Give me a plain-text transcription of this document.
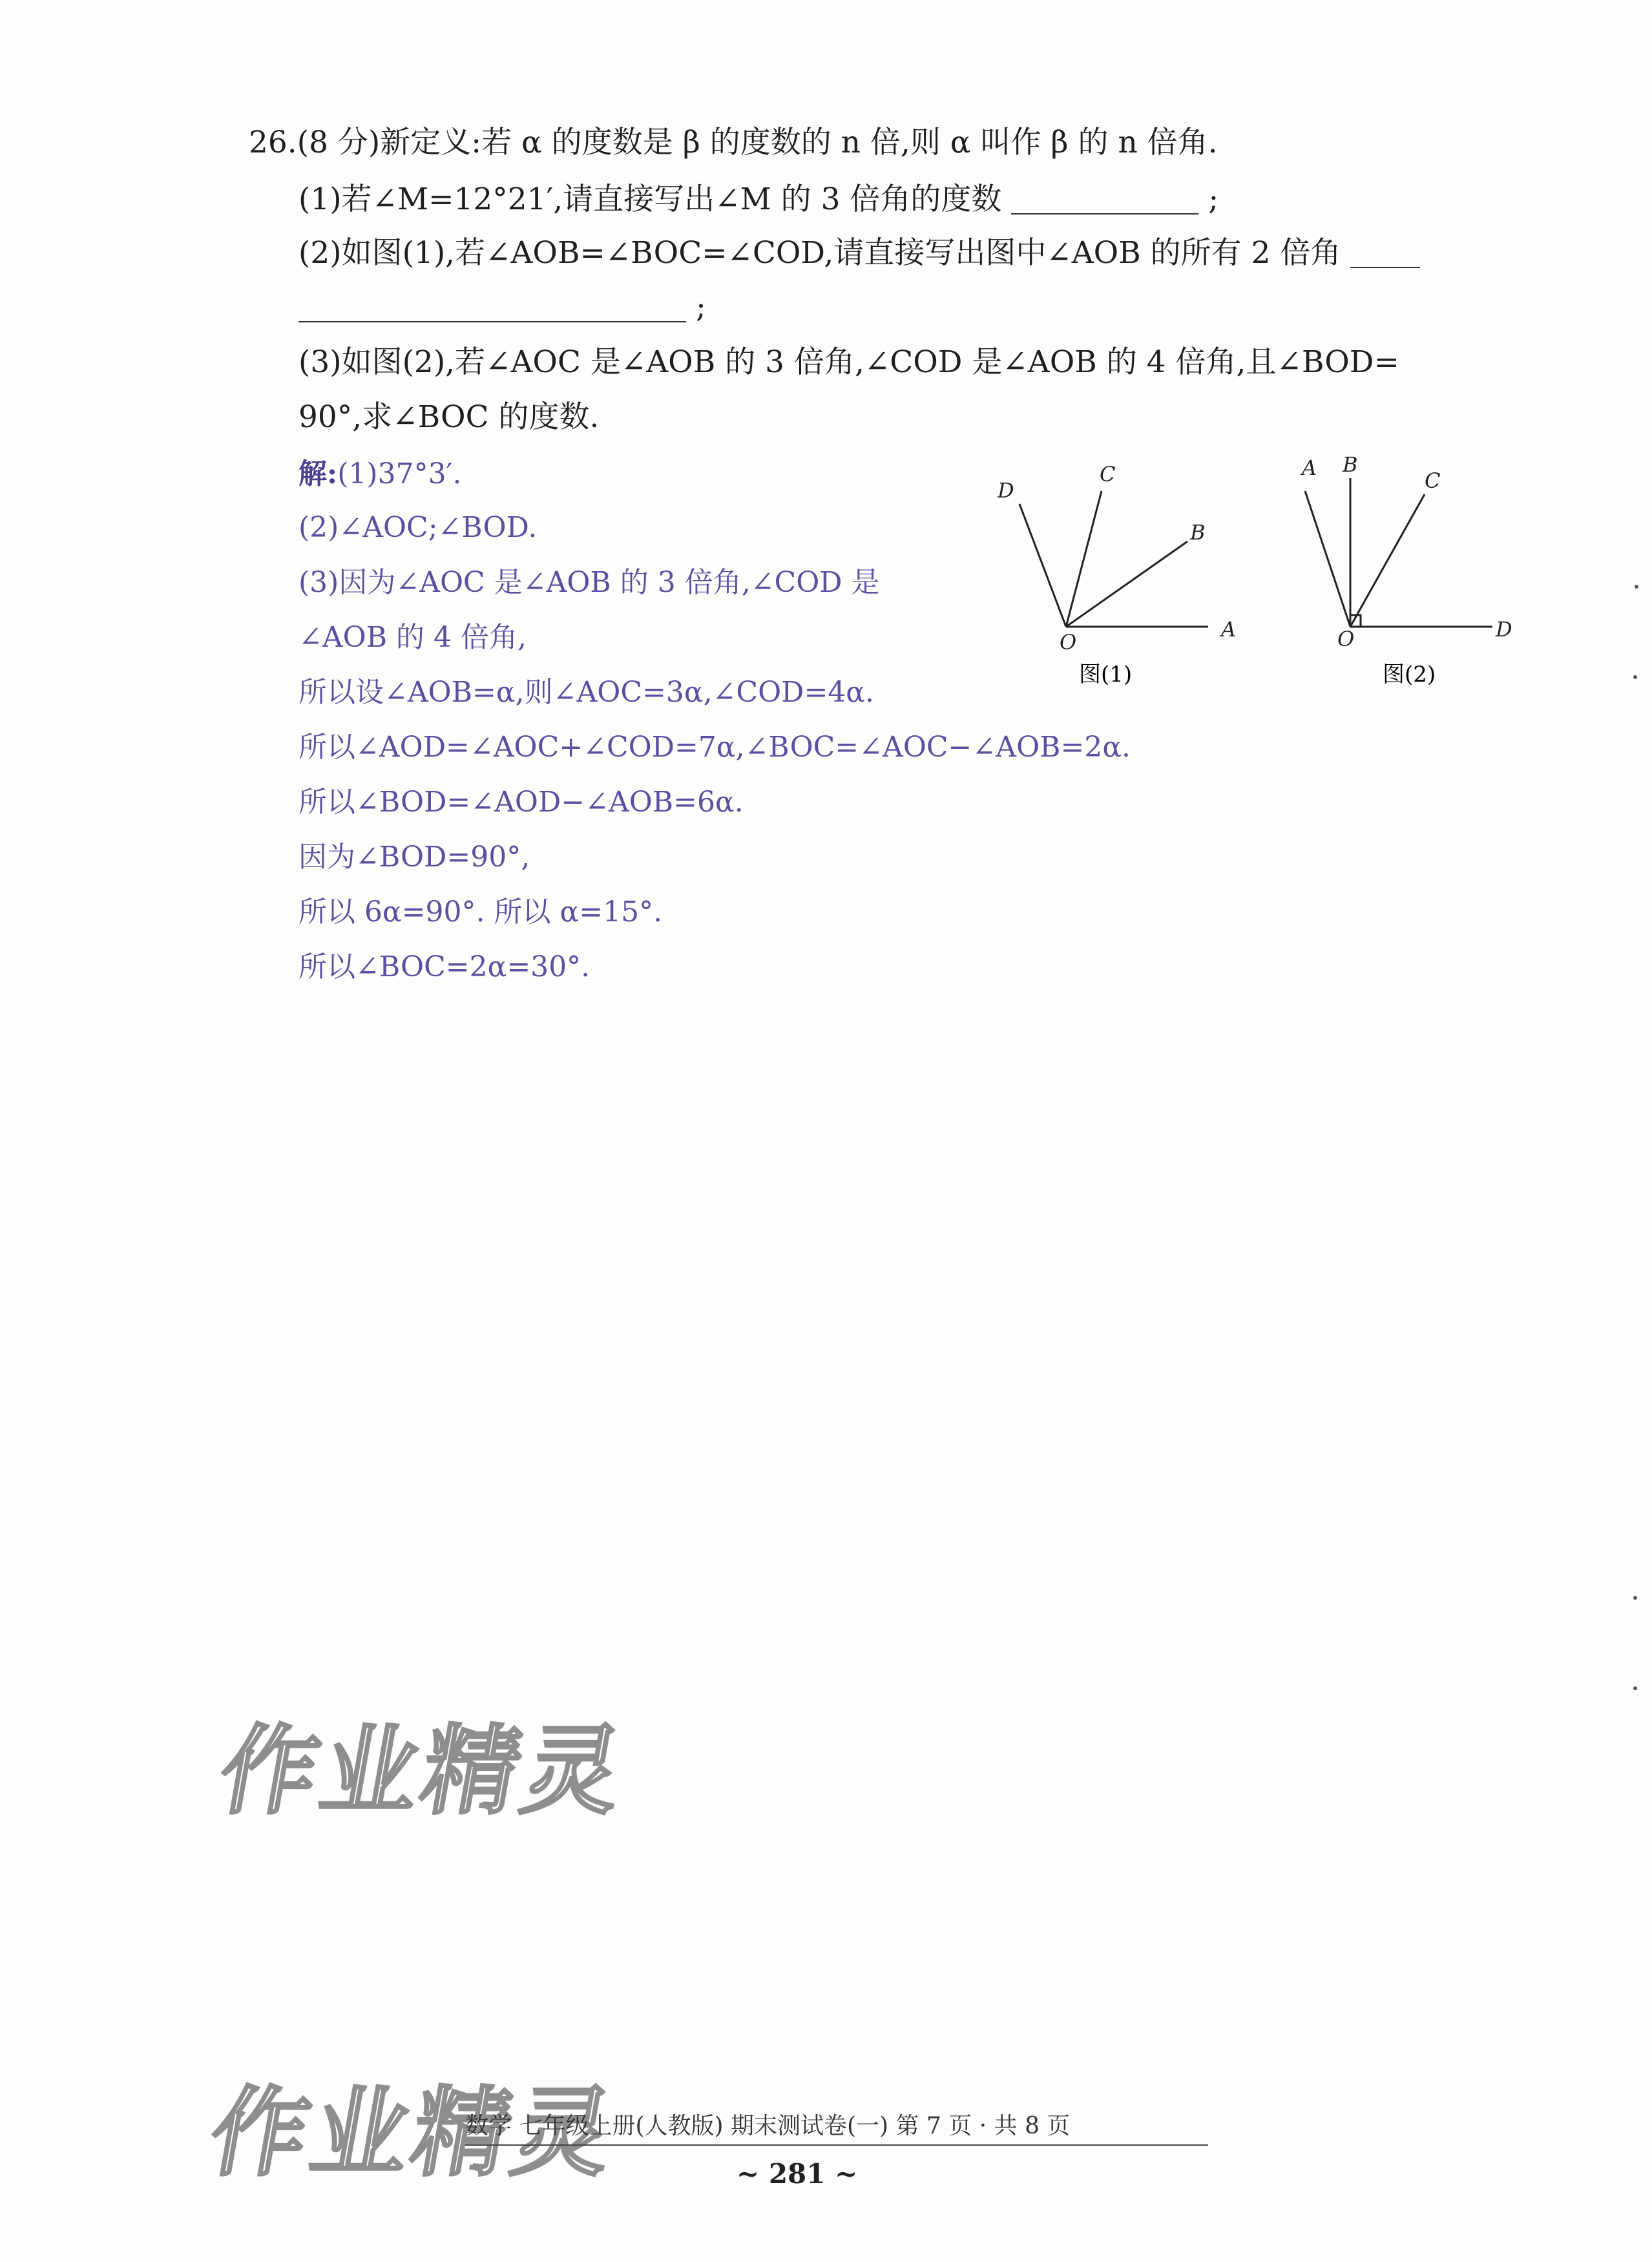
26.(8 分)新定义:若 α 的度数是 β 的度数的 n 倍,则 α 叫作 β 的 n 倍角.
(1)若∠M=12°21′,请直接写出∠M 的 3 倍角的度数	;
(2)如图(1),若∠AOB=∠BOC=∠COD,请直接写出图中∠AOB 的所有 2 倍角
;
(3)如图(2),若∠AOC 是∠AOB 的 3 倍角,∠COD 是∠AOB 的 4 倍角,且∠BOD=
90°,求∠BOC 的度数.
解:(1)37°3′.
(2)∠AOC;∠BOD.
(3)因为∠AOC 是∠AOB 的 3 倍角,∠COD 是
∠AOB 的 4 倍角,
所以设∠AOB=α,则∠AOC=3α,∠COD=4α.
所以∠AOD=∠AOC+∠COD=7α,∠BOC=∠AOC−∠AOB=2α.
所以∠BOD=∠AOD−∠AOB=6α.
因为∠BOD=90°,
所以 6α=90°. 所以 α=15°.
所以∠BOC=2α=30°.
D
C
B
O
A
图(1)
A B
C
O	D
图(2)
作业精灵
作业精灵
数学 七年级上册(人教版) 期末测试卷(一) 第 7 页 · 共 8 页
~ 281 ~
